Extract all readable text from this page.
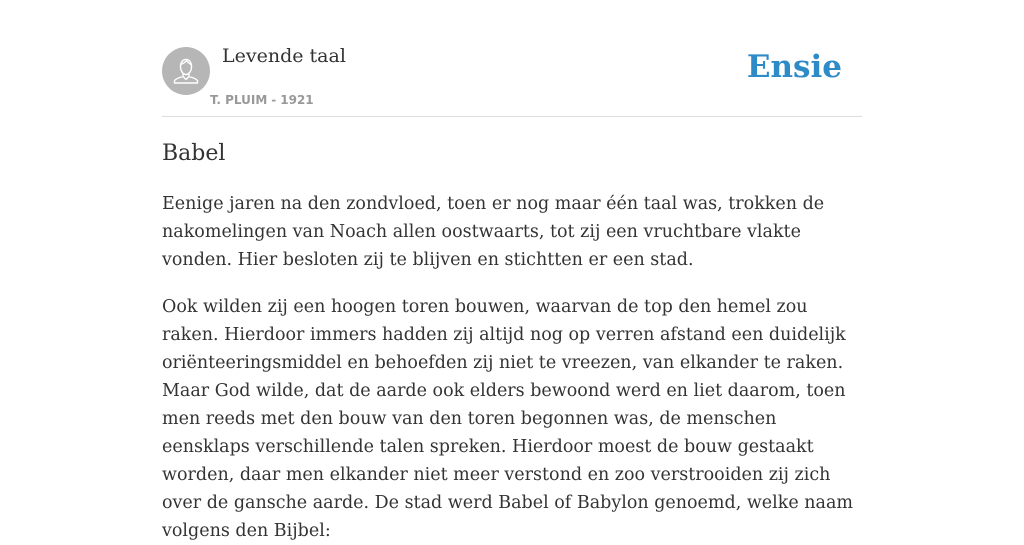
Levende taal
T. PLUIM - 1921
Ensie
Babel

Eenige jaren na den zondvloed, toen er nog maar één taal was, trokken de nakomelingen van Noach allen oostwaarts, tot zij een vruchtbare vlakte vonden. Hier besloten zij te blijven en stichtten er een stad.

Ook wilden zij een hoogen toren bouwen, waarvan de top den hemel zou raken. Hierdoor immers hadden zij altijd nog op verren afstand een duidelijk oriënteeringsmiddel en behoefden zij niet te vreezen, van elkander te raken. Maar God wilde, dat de aarde ook elders bewoond werd en liet daarom, toen men reeds met den bouw van den toren begonnen was, de menschen eensklaps verschillende talen spreken. Hierdoor moest de bouw gestaakt worden, daar men elkander niet meer verstond en zoo verstrooiden zij zich over de gansche aarde. De stad werd Babel of Babylon genoemd, welke naam volgens den Bijbel:
